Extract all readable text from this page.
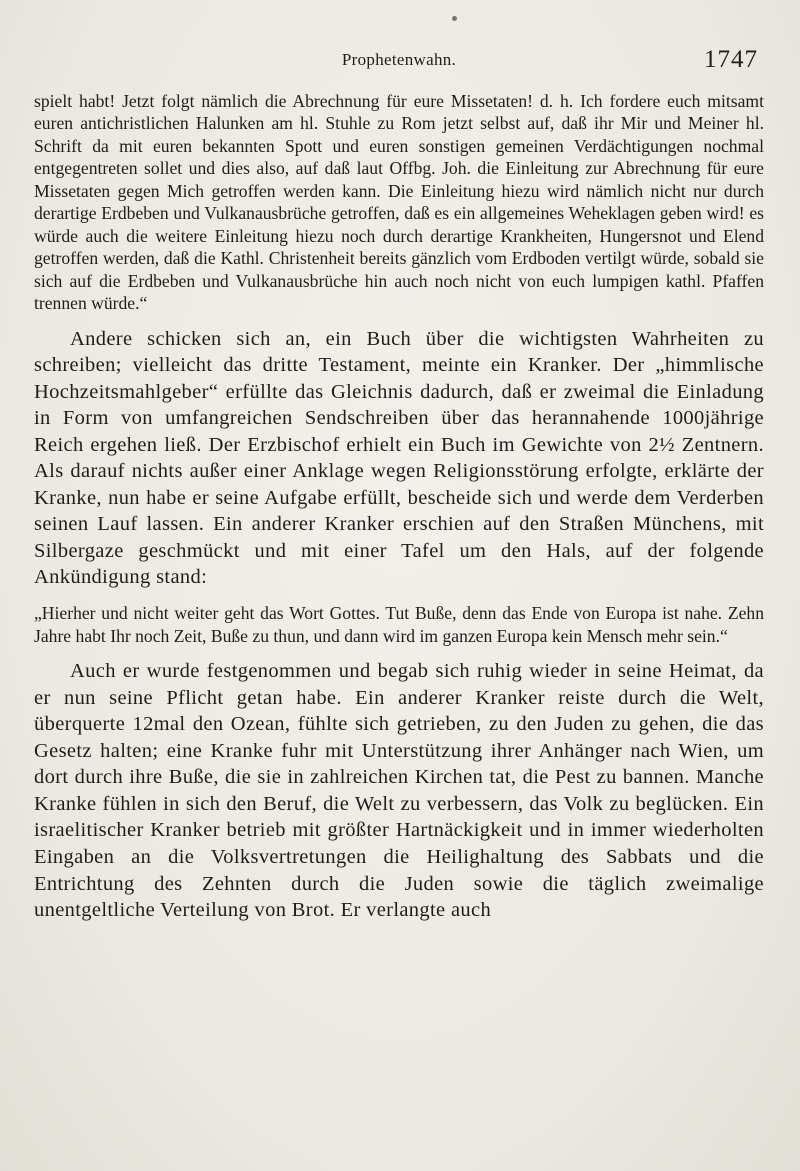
Prophetenwahn.	1747

spielt habt! Jetzt folgt nämlich die Abrechnung für eure Missetaten! d. h. Ich fordere euch mitsamt euren antichristlichen Halunken am hl. Stuhle zu Rom jetzt selbst auf, daß ihr Mir und Meiner hl. Schrift da mit euren bekannten Spott und euren sonstigen gemeinen Verdächtigungen nochmal entgegentreten sollet und dies also, auf daß laut Offbg. Joh. die Einleitung zur Abrechnung für eure Missetaten gegen Mich getroffen werden kann. Die Einleitung hiezu wird nämlich nicht nur durch derartige Erdbeben und Vulkanausbrüche getroffen, daß es ein allgemeines Weheklagen geben wird! es würde auch die weitere Einleitung hiezu noch durch derartige Krankheiten, Hungersnot und Elend getroffen werden, daß die Kathl. Christenheit bereits gänzlich vom Erdboden vertilgt würde, sobald sie sich auf die Erdbeben und Vulkanausbrüche hin auch noch nicht von euch lumpigen kathl. Pfaffen trennen würde.“

Andere schicken sich an, ein Buch über die wichtigsten Wahrheiten zu schreiben; vielleicht das dritte Testament, meinte ein Kranker. Der „himmlische Hochzeitsmahlgeber“ erfüllte das Gleichnis dadurch, daß er zweimal die Einladung in Form von umfangreichen Sendschreiben über das herannahende 1000jährige Reich ergehen ließ. Der Erzbischof erhielt ein Buch im Gewichte von 2½ Zentnern. Als darauf nichts außer einer Anklage wegen Religionsstörung erfolgte, erklärte der Kranke, nun habe er seine Aufgabe erfüllt, bescheide sich und werde dem Verderben seinen Lauf lassen. Ein anderer Kranker erschien auf den Straßen Münchens, mit Silbergaze geschmückt und mit einer Tafel um den Hals, auf der folgende Ankündigung stand:

„Hierher und nicht weiter geht das Wort Gottes. Tut Buße, denn das Ende von Europa ist nahe. Zehn Jahre habt Ihr noch Zeit, Buße zu thun, und dann wird im ganzen Europa kein Mensch mehr sein.“

Auch er wurde festgenommen und begab sich ruhig wieder in seine Heimat, da er nun seine Pflicht getan habe. Ein anderer Kranker reiste durch die Welt, überquerte 12mal den Ozean, fühlte sich getrieben, zu den Juden zu gehen, die das Gesetz halten; eine Kranke fuhr mit Unterstützung ihrer Anhänger nach Wien, um dort durch ihre Buße, die sie in zahlreichen Kirchen tat, die Pest zu bannen. Manche Kranke fühlen in sich den Beruf, die Welt zu verbessern, das Volk zu beglücken. Ein israelitischer Kranker betrieb mit größter Hartnäckigkeit und in immer wiederholten Eingaben an die Volksvertretungen die Heilighaltung des Sabbats und die Entrichtung des Zehnten durch die Juden sowie die täglich zweimalige unentgeltliche Verteilung von Brot. Er verlangte auch
